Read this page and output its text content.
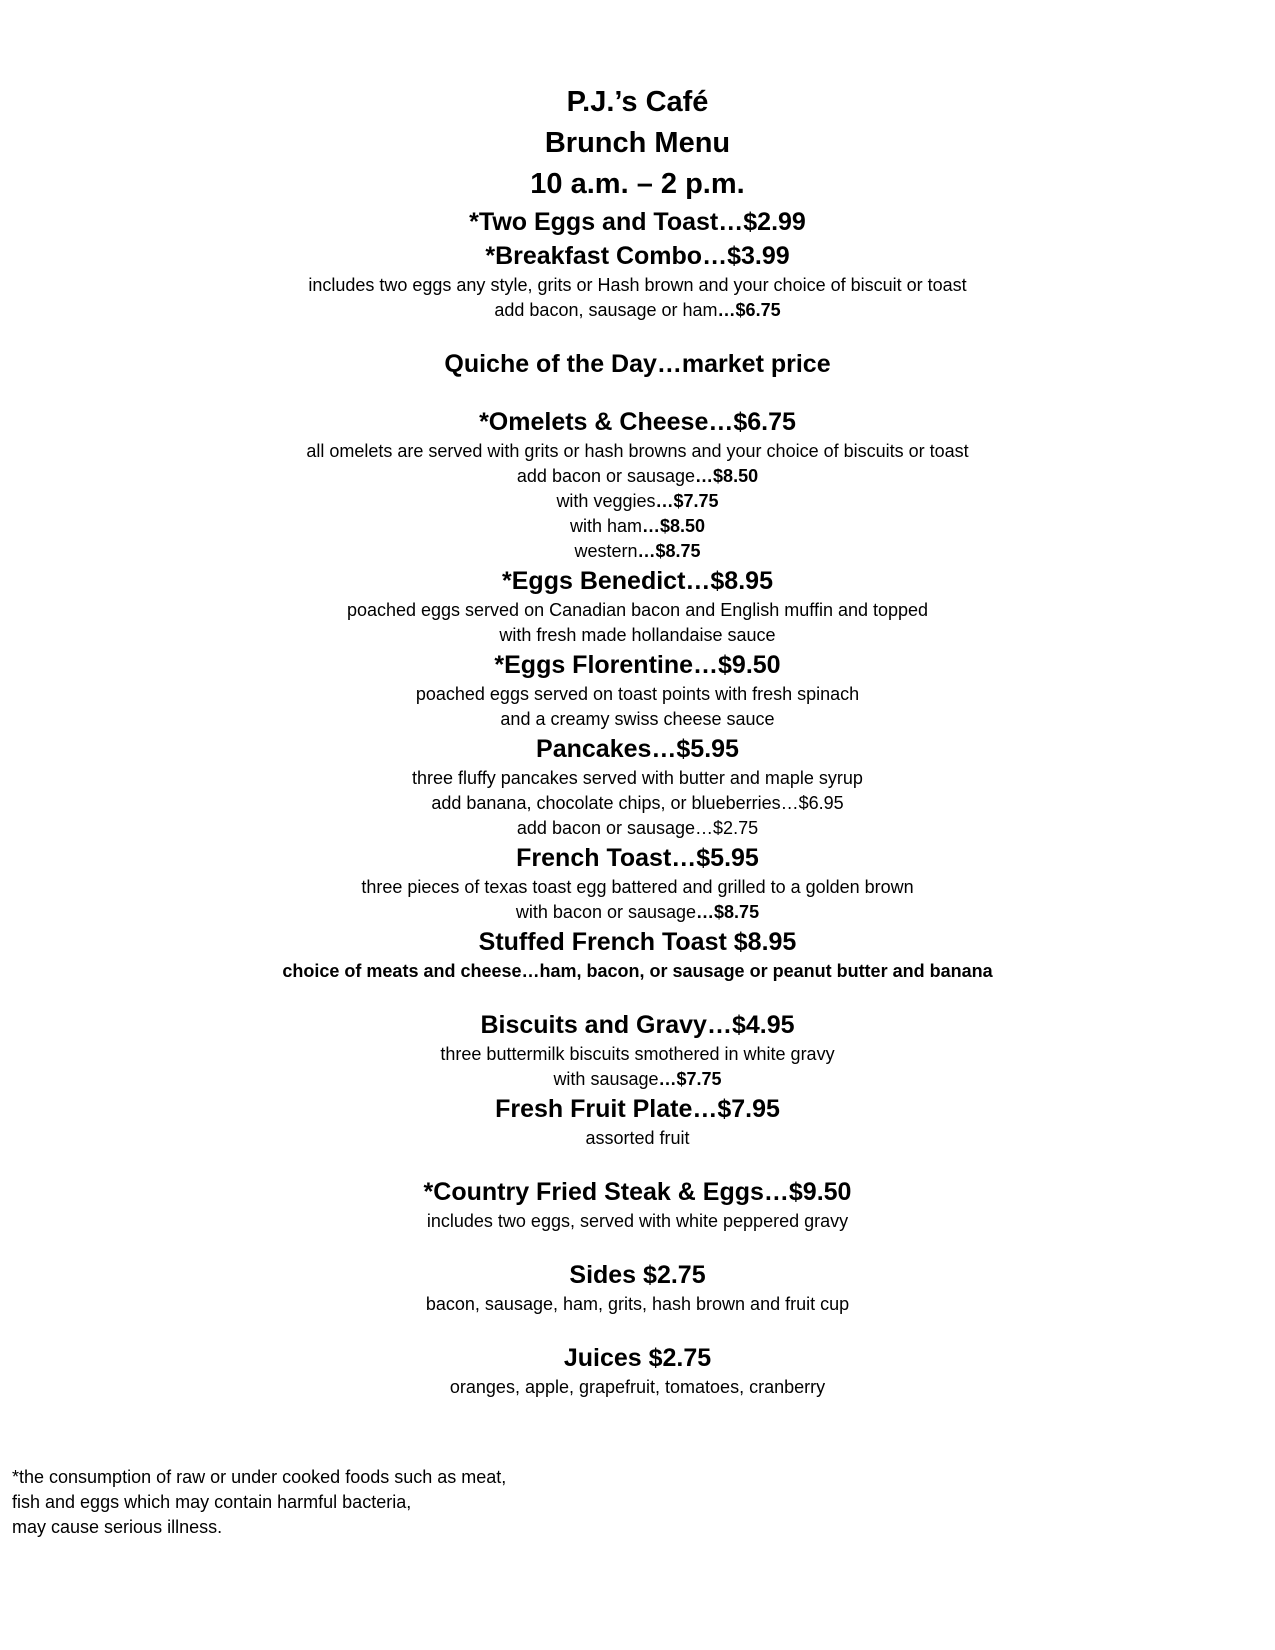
P.J.’s Café
Brunch Menu
10 a.m. – 2 p.m.
*Two Eggs and Toast…$2.99
*Breakfast Combo…$3.99
includes two eggs any style, grits or Hash brown and your choice of biscuit or toast
add bacon, sausage or ham…$6.75
Quiche of the Day…market price
*Omelets & Cheese…$6.75
all omelets are served with grits or hash browns and your choice of biscuits or toast
add bacon or sausage…$8.50
with veggies…$7.75
with ham…$8.50
western…$8.75
*Eggs Benedict…$8.95
poached eggs served on Canadian bacon and English muffin and topped
with fresh made hollandaise sauce
*Eggs Florentine…$9.50
poached eggs served on toast points with fresh spinach
and a creamy swiss cheese sauce
Pancakes…$5.95
three fluffy pancakes served with butter and maple syrup
add banana, chocolate chips, or blueberries…$6.95
add bacon or sausage…$2.75
French Toast…$5.95
three pieces of texas toast egg battered and grilled to a golden brown
with bacon or sausage…$8.75
Stuffed French Toast $8.95
choice of meats and cheese…ham, bacon, or sausage or peanut butter and banana
Biscuits and Gravy…$4.95
three buttermilk biscuits smothered in white gravy
with sausage…$7.75
Fresh Fruit Plate…$7.95
assorted fruit
*Country Fried Steak & Eggs…$9.50
includes two eggs, served with white peppered gravy
Sides $2.75
bacon, sausage, ham, grits, hash brown and fruit cup
Juices $2.75
oranges, apple, grapefruit, tomatoes, cranberry
*the consumption of raw or under cooked foods such as meat,
fish and eggs which may contain harmful bacteria,
may cause serious illness.
